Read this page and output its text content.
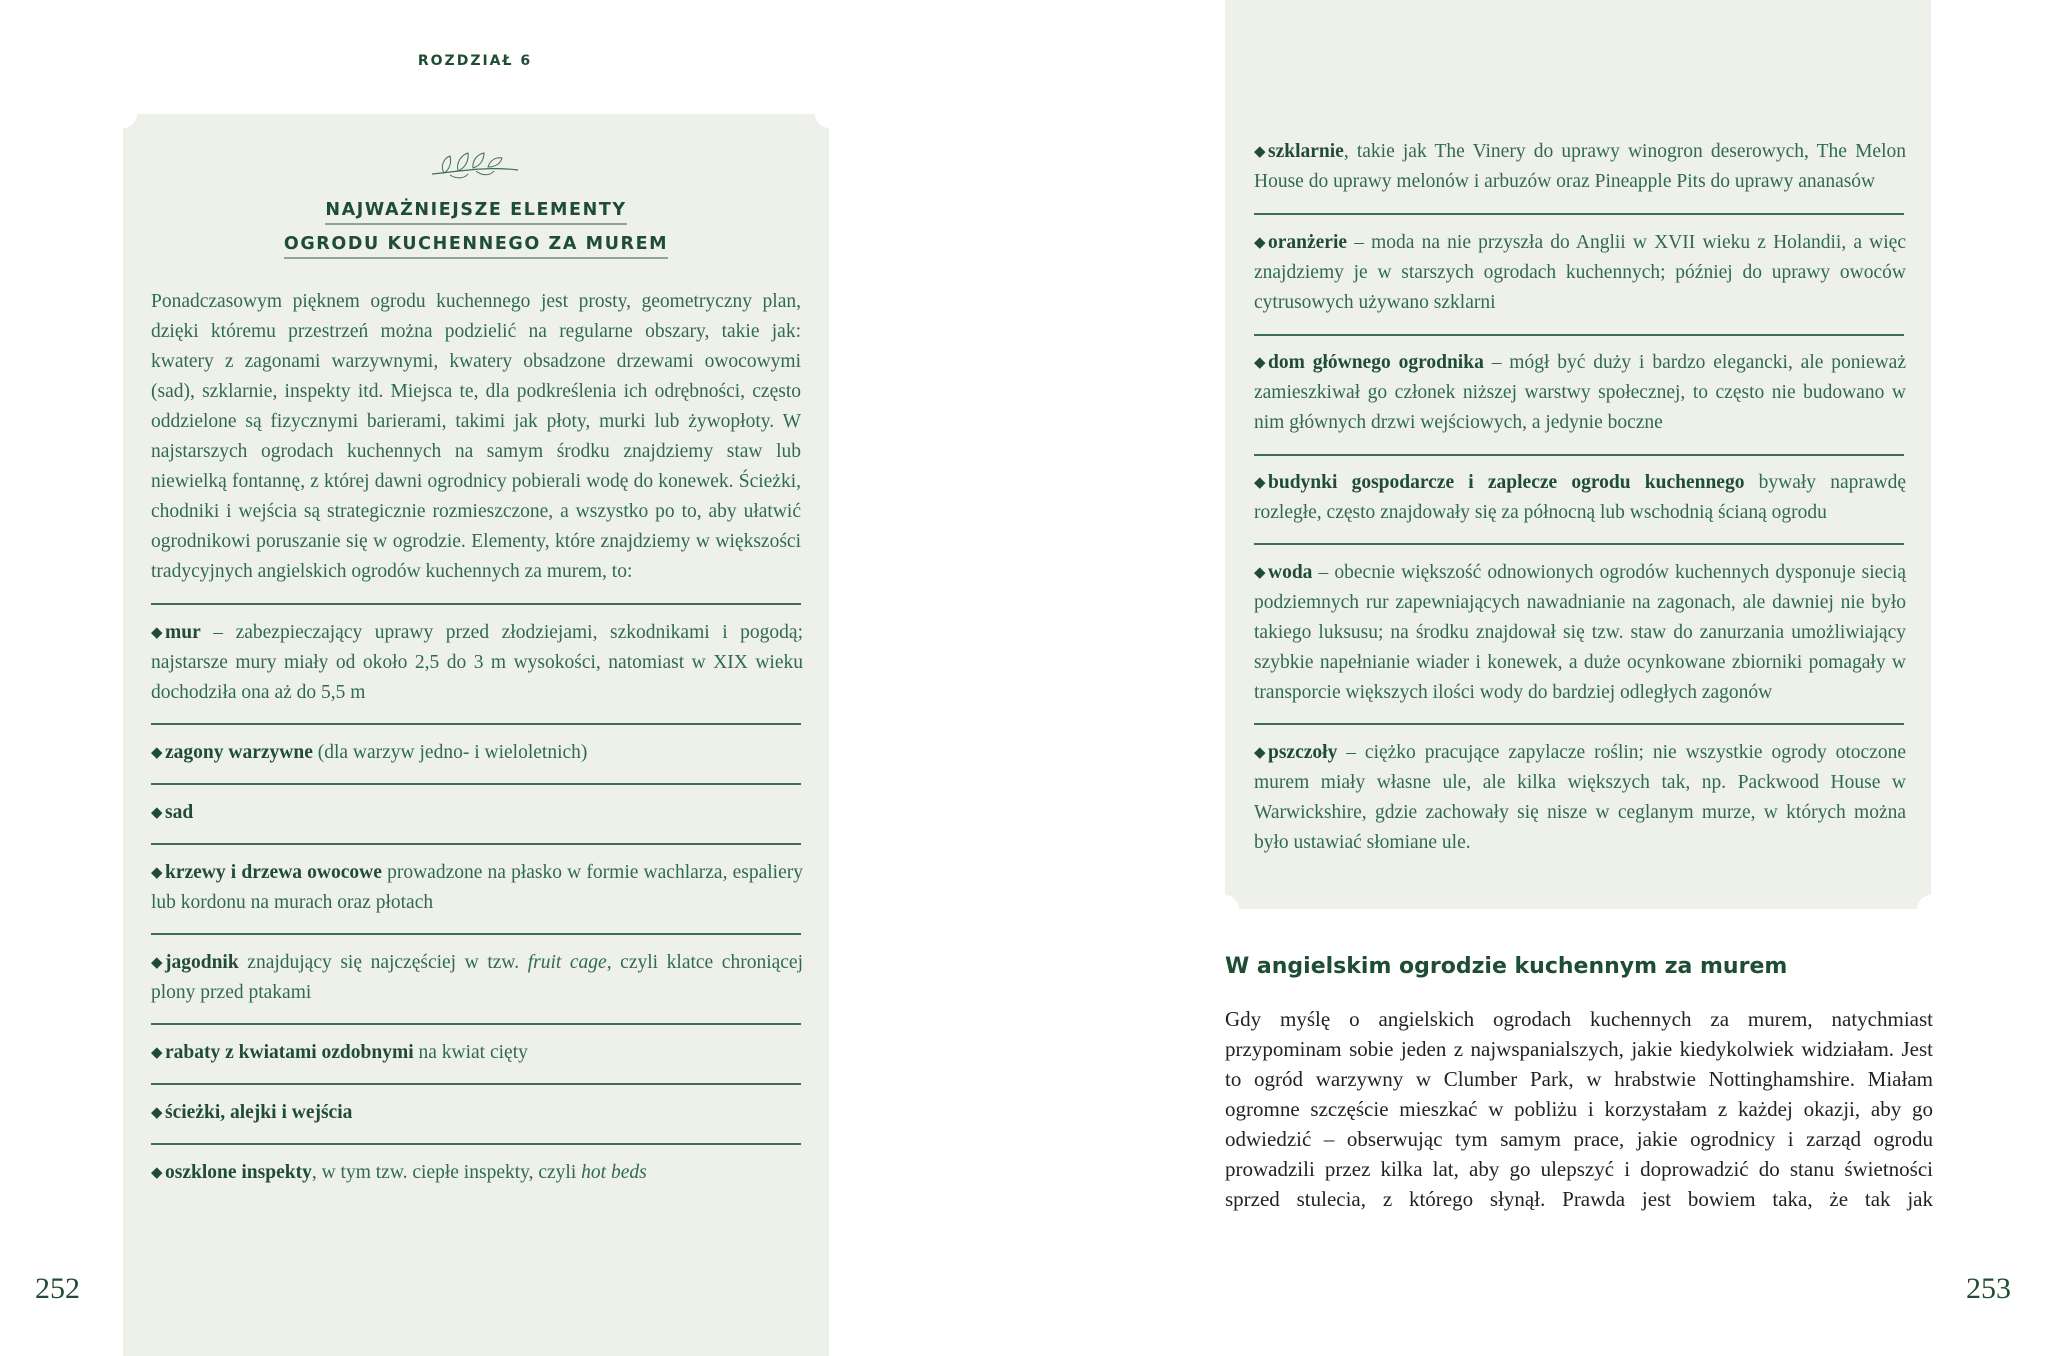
ROZDZIAŁ 6
NAJWAŻNIEJSZE ELEMENTY
OGRODU KUCHENNEGO ZA MUREM

Ponadczasowym pięknem ogrodu kuchennego jest prosty, geometryczny plan, dzięki któremu przestrzeń można podzielić na regularne obszary, takie jak: kwatery z zagonami warzywnymi, kwatery obsadzone drzewami owocowymi (sad), szklarnie, inspekty itd. Miejsca te, dla podkreślenia ich odrębności, często oddzielone są fizycznymi barierami, takimi jak płoty, murki lub żywopłoty. W najstarszych ogrodach kuchennych na samym środku znajdziemy staw lub niewielką fontannę, z której dawni ogrodnicy pobierali wodę do konewek. Ścieżki, chodniki i wejścia są strategicznie rozmieszczone, a wszystko po to, aby ułatwić ogrodnikowi poruszanie się w ogrodzie. Elementy, które znajdziemy w większości tradycyjnych angielskich ogrodów kuchennych za murem, to:

◆ mur – zabezpieczający uprawy przed złodziejami, szkodnikami i pogodą; najstarsze mury miały od około 2,5 do 3 m wysokości, natomiast w XIX wieku dochodziła ona aż do 5,5 m
◆ zagony warzywne (dla warzyw jedno- i wieloletnich)
◆ sad
◆ krzewy i drzewa owocowe prowadzone na płasko w formie wachlarza, espaliery lub kordonu na murach oraz płotach
◆ jagodnik znajdujący się najczęściej w tzw. fruit cage, czyli klatce chroniącej plony przed ptakami
◆ rabaty z kwiatami ozdobnymi na kwiat cięty
◆ ścieżki, alejki i wejścia
◆ oszklone inspekty, w tym tzw. ciepłe inspekty, czyli hot beds
◆ szklarnie, takie jak The Vinery do uprawy winogron deserowych, The Melon House do uprawy melonów i arbuzów oraz Pineapple Pits do uprawy ananasów
◆ oranżerie – moda na nie przyszła do Anglii w XVII wieku z Holandii, a więc znajdziemy je w starszych ogrodach kuchennych; później do uprawy owoców cytrusowych używano szklarni
◆ dom głównego ogrodnika – mógł być duży i bardzo elegancki, ale ponieważ zamieszkiwał go członek niższej warstwy społecznej, to często nie budowano w nim głównych drzwi wejściowych, a jedynie boczne
◆ budynki gospodarcze i zaplecze ogrodu kuchennego bywały naprawdę rozległe, często znajdowały się za północną lub wschodnią ścianą ogrodu
◆ woda – obecnie większość odnowionych ogrodów kuchennych dysponuje siecią podziemnych rur zapewniających nawadnianie na zagonach, ale dawniej nie było takiego luksusu; na środku znajdował się tzw. staw do zanurzania umożliwiający szybkie napełnianie wiader i konewek, a duże ocynkowane zbiorniki pomagały w transporcie większych ilości wody do bardziej odległych zagonów
◆ pszczoły – ciężko pracujące zapylacze roślin; nie wszystkie ogrody otoczone murem miały własne ule, ale kilka większych tak, np. Packwood House w Warwickshire, gdzie zachowały się nisze w ceglanym murze, w których można było ustawiać słomiane ule.
W angielskim ogrodzie kuchennym za murem

Gdy myślę o angielskich ogrodach kuchennych za murem, natychmiast przypominam sobie jeden z najwspanialszych, jakie kiedykolwiek widziałam. Jest to ogród warzywny w Clumber Park, w hrabstwie Nottinghamshire. Miałam ogromne szczęście mieszkać w pobliżu i korzystałam z każdej okazji, aby go odwiedzić – obserwując tym samym prace, jakie ogrodnicy i zarząd ogrodu prowadzili przez kilka lat, aby go ulepszyć i doprowadzić do stanu świetności sprzed stulecia, z którego słynął. Prawda jest bowiem taka, że tak jak

252	253
